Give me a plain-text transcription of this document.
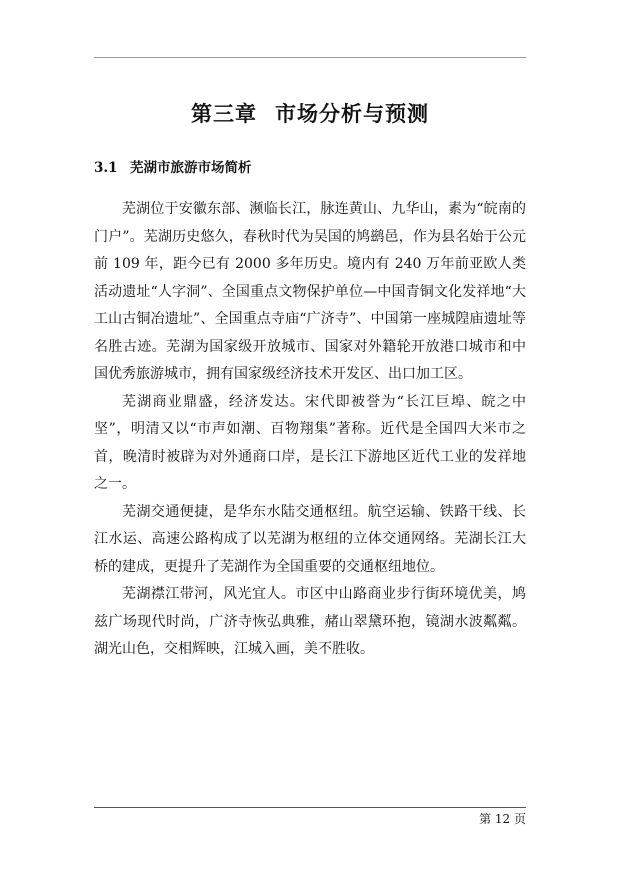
第三章 市场分析与预测
3.1 芜湖市旅游市场简析

芜湖位于安徽东部、濒临长江，脉连黄山、九华山，素为“皖南的门户”。芜湖历史悠久，春秋时代为吴国的鸠鹚邑，作为县名始于公元前 109 年，距今已有 2000 多年历史。境内有 240 万年前亚欧人类活动遗址“人字洞”、全国重点文物保护单位—中国青铜文化发祥地“大工山古铜冶遗址”、全国重点寺庙“广济寺”、中国第一座城隍庙遗址等名胜古迹。芜湖为国家级开放城市、国家对外籍轮开放港口城市和中国优秀旅游城市，拥有国家级经济技术开发区、出口加工区。

芜湖商业鼎盛，经济发达。宋代即被誉为“长江巨埠、皖之中坚”，明清又以“市声如潮、百物翔集”著称。近代是全国四大米市之首，晚清时被辟为对外通商口岸，是长江下游地区近代工业的发祥地之一。

芜湖交通便捷，是华东水陆交通枢纽。航空运输、铁路干线、长江水运、高速公路构成了以芜湖为枢纽的立体交通网络。芜湖长江大桥的建成，更提升了芜湖作为全国重要的交通枢纽地位。

芜湖襟江带河，风光宜人。市区中山路商业步行街环境优美，鸠兹广场现代时尚，广济寺恢弘典雅，赭山翠黛环抱，镜湖水波粼粼。湖光山色，交相辉映，江城入画，美不胜收。

第 12 页
